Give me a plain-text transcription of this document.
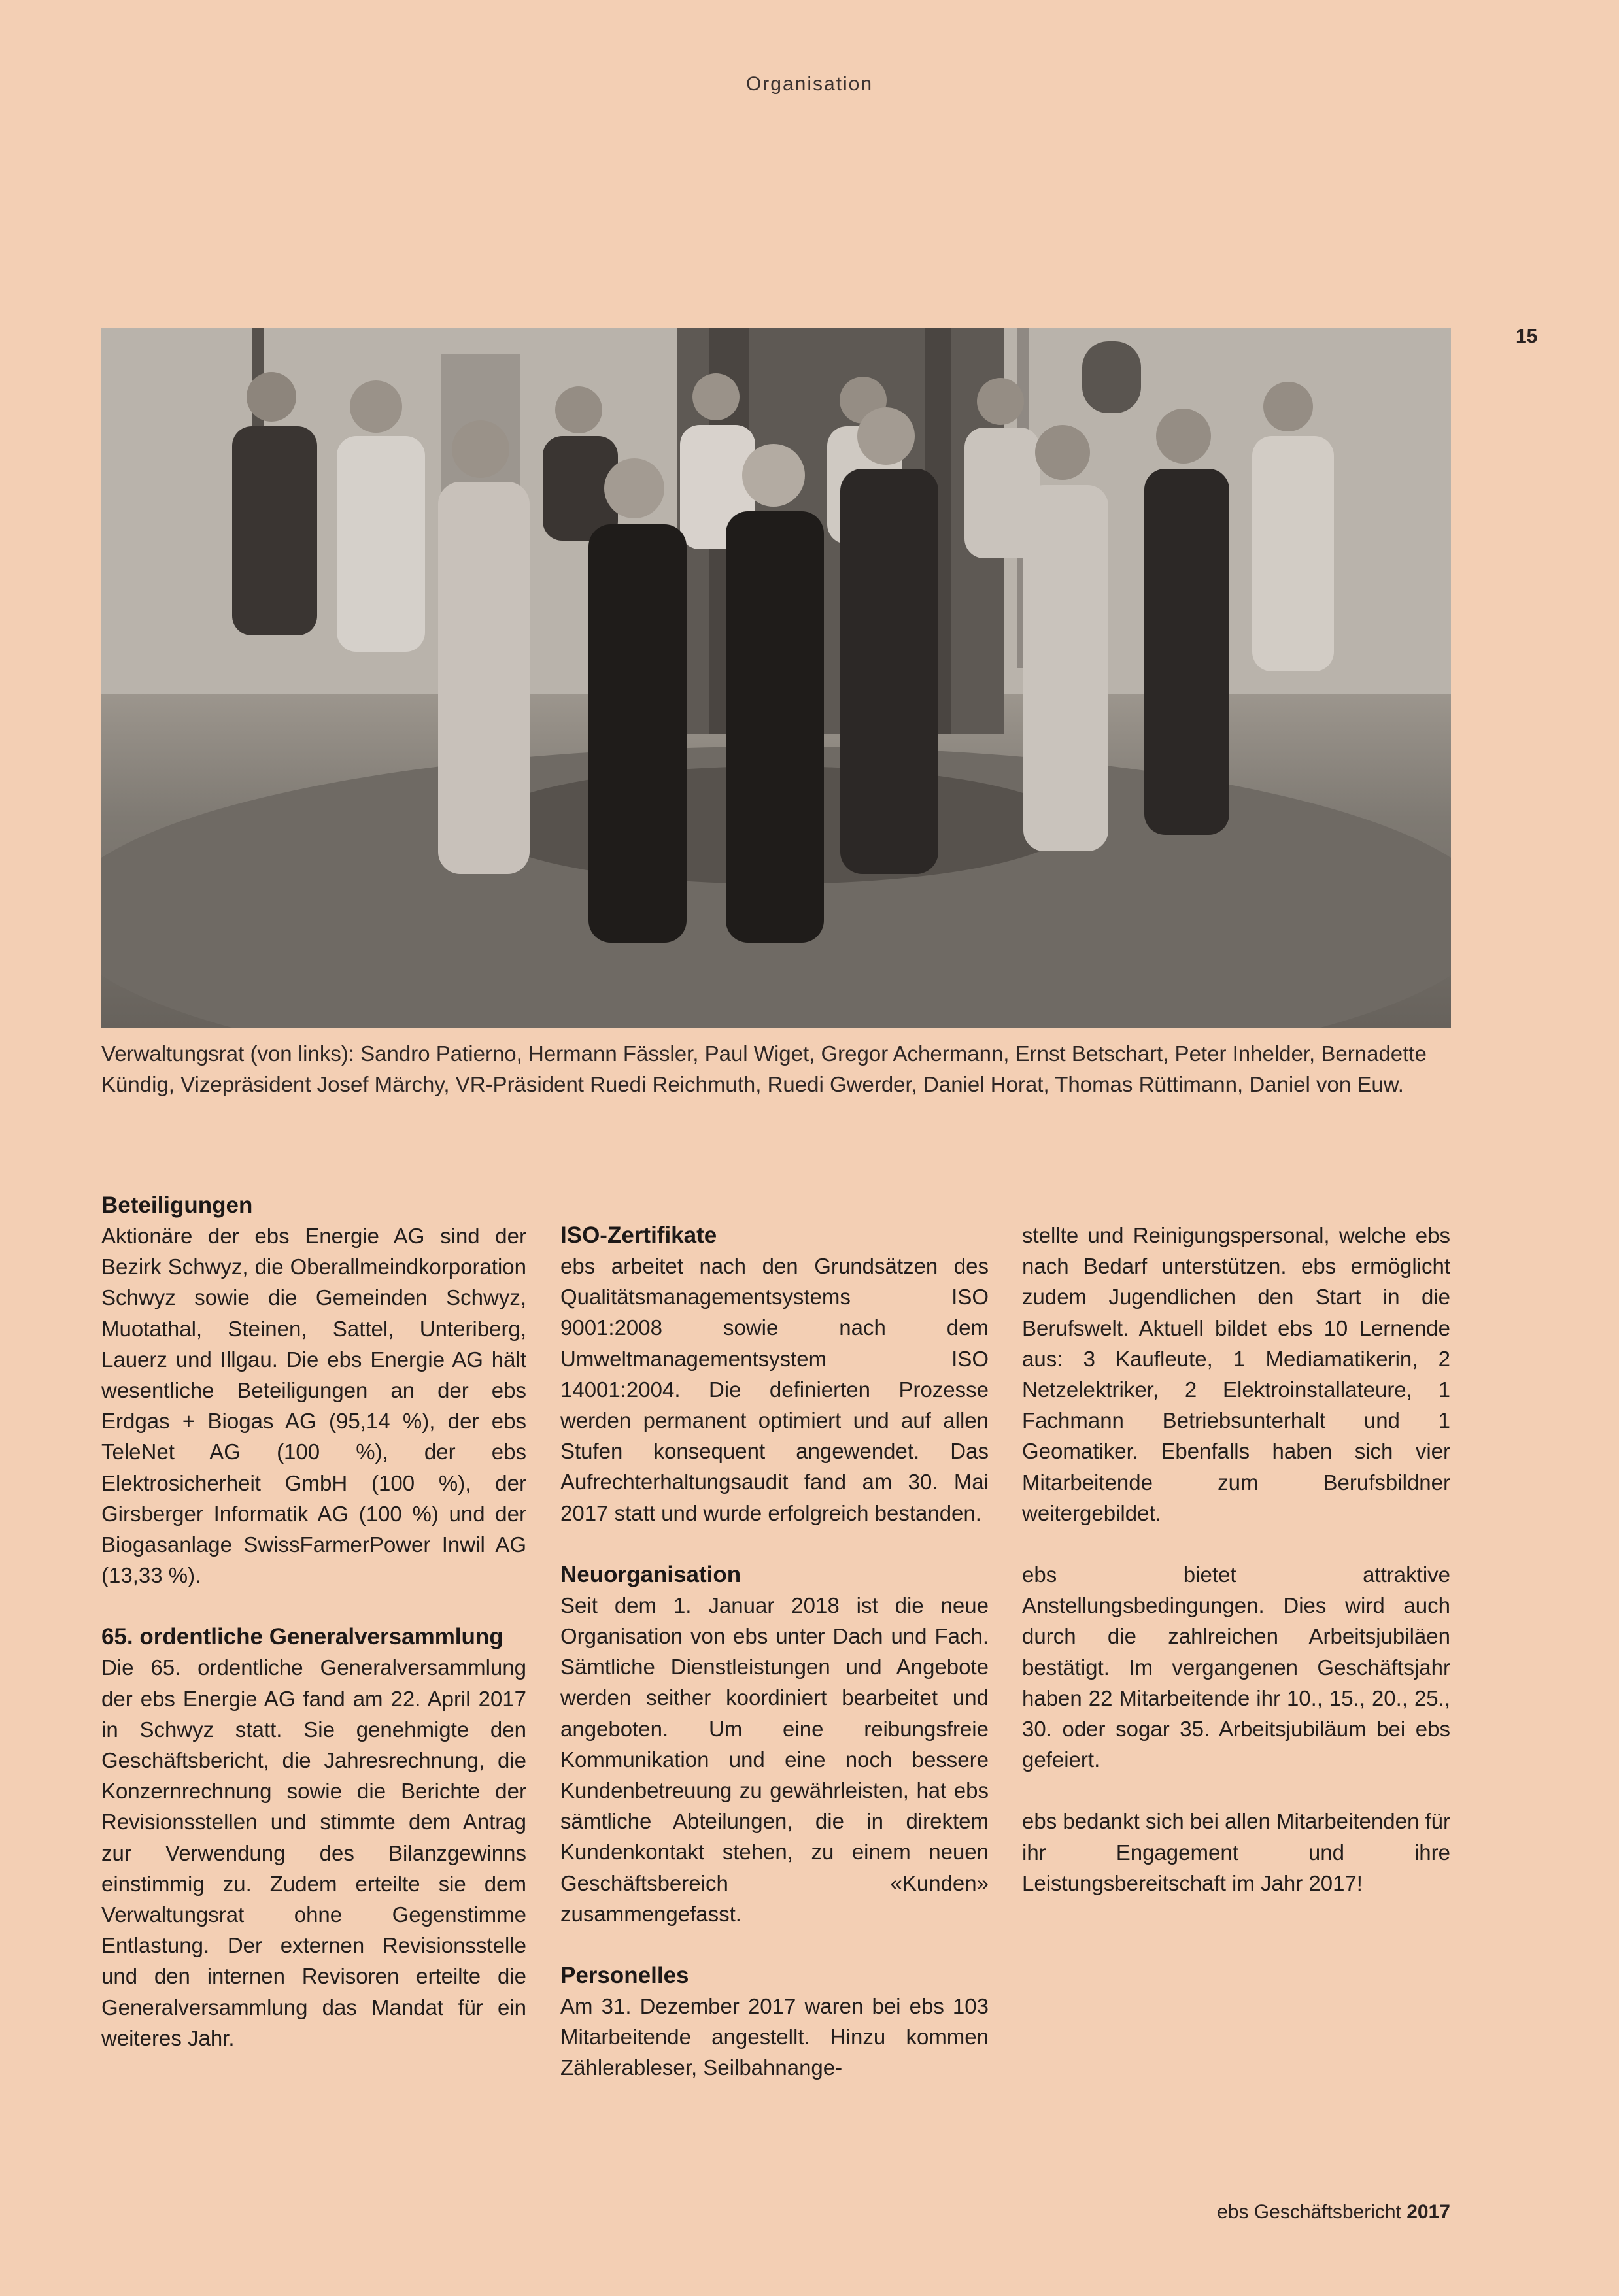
Organisation
15
Verwaltungsrat (von links): Sandro Patierno, Hermann Fässler, Paul Wiget, Gregor Achermann, Ernst Betschart, Peter Inhelder, Bernadette Kündig, Vizepräsident Josef Märchy, VR-Präsident Ruedi Reichmuth, Ruedi Gwerder, Daniel Horat, Thomas Rüttimann, Daniel von Euw.
Beteiligungen

Aktionäre der ebs Energie AG sind der Bezirk Schwyz, die Oberallmeindkorporation Schwyz sowie die Gemeinden Schwyz, Muotathal, Steinen, Sattel, Unteriberg, Lauerz und Illgau. Die ebs Energie AG hält wesentliche Beteiligungen an der ebs Erdgas + Biogas AG (95,14 %), der ebs TeleNet AG (100 %), der ebs Elektrosicherheit GmbH (100 %), der Girsberger Informatik AG (100 %) und der Biogasanlage SwissFarmerPower Inwil AG (13,33 %).

65. ordentliche Generalversammlung

Die 65. ordentliche Generalversammlung der ebs Energie AG fand am 22. April 2017 in Schwyz statt. Sie genehmigte den Geschäftsbericht, die Jahresrechnung, die Konzernrechnung sowie die Berichte der Revisionsstellen und stimmte dem Antrag zur Verwendung des Bilanzgewinns einstimmig zu. Zudem erteilte sie dem Verwaltungsrat ohne Gegenstimme Entlastung. Der externen Revisionsstelle und den internen Revisoren erteilte die Generalversammlung das Mandat für ein weiteres Jahr.

ISO-Zertifikate

ebs arbeitet nach den Grundsätzen des Qualitätsmanagementsystems ISO 9001:2008 sowie nach dem Umweltmanagementsystem ISO 14001:2004. Die definierten Prozesse werden permanent optimiert und auf allen Stufen konsequent angewendet. Das Aufrechterhaltungsaudit fand am 30. Mai 2017 statt und wurde erfolgreich bestanden.

Neuorganisation

Seit dem 1. Januar 2018 ist die neue Organisation von ebs unter Dach und Fach. Sämtliche Dienstleistungen und Angebote werden seither koordiniert bearbeitet und angeboten. Um eine reibungsfreie Kommunikation und eine noch bessere Kundenbetreuung zu gewährleisten, hat ebs sämtliche Abteilungen, die in direktem Kundenkontakt stehen, zu einem neuen Geschäftsbereich «Kunden» zusammengefasst.

Personelles

Am 31. Dezember 2017 waren bei ebs 103 Mitarbeitende angestellt. Hinzu kommen Zählerableser, Seilbahnange-

stellte und Reinigungspersonal, welche ebs nach Bedarf unterstützen. ebs ermöglicht zudem Jugendlichen den Start in die Berufswelt. Aktuell bildet ebs 10 Lernende aus: 3 Kaufleute, 1 Mediamatikerin, 2 Netzelektriker, 2 Elektroinstallateure, 1 Fachmann Betriebsunterhalt und 1 Geomatiker. Ebenfalls haben sich vier Mitarbeitende zum Berufsbildner weitergebildet.

ebs bietet attraktive Anstellungsbedingungen. Dies wird auch durch die zahlreichen Arbeitsjubiläen bestätigt. Im vergangenen Geschäftsjahr haben 22 Mitarbeitende ihr 10., 15., 20., 25., 30. oder sogar 35. Arbeitsjubiläum bei ebs gefeiert.

ebs bedankt sich bei allen Mitarbeitenden für ihr Engagement und ihre Leistungsbereitschaft im Jahr 2017!

ebs Geschäftsbericht 2017
